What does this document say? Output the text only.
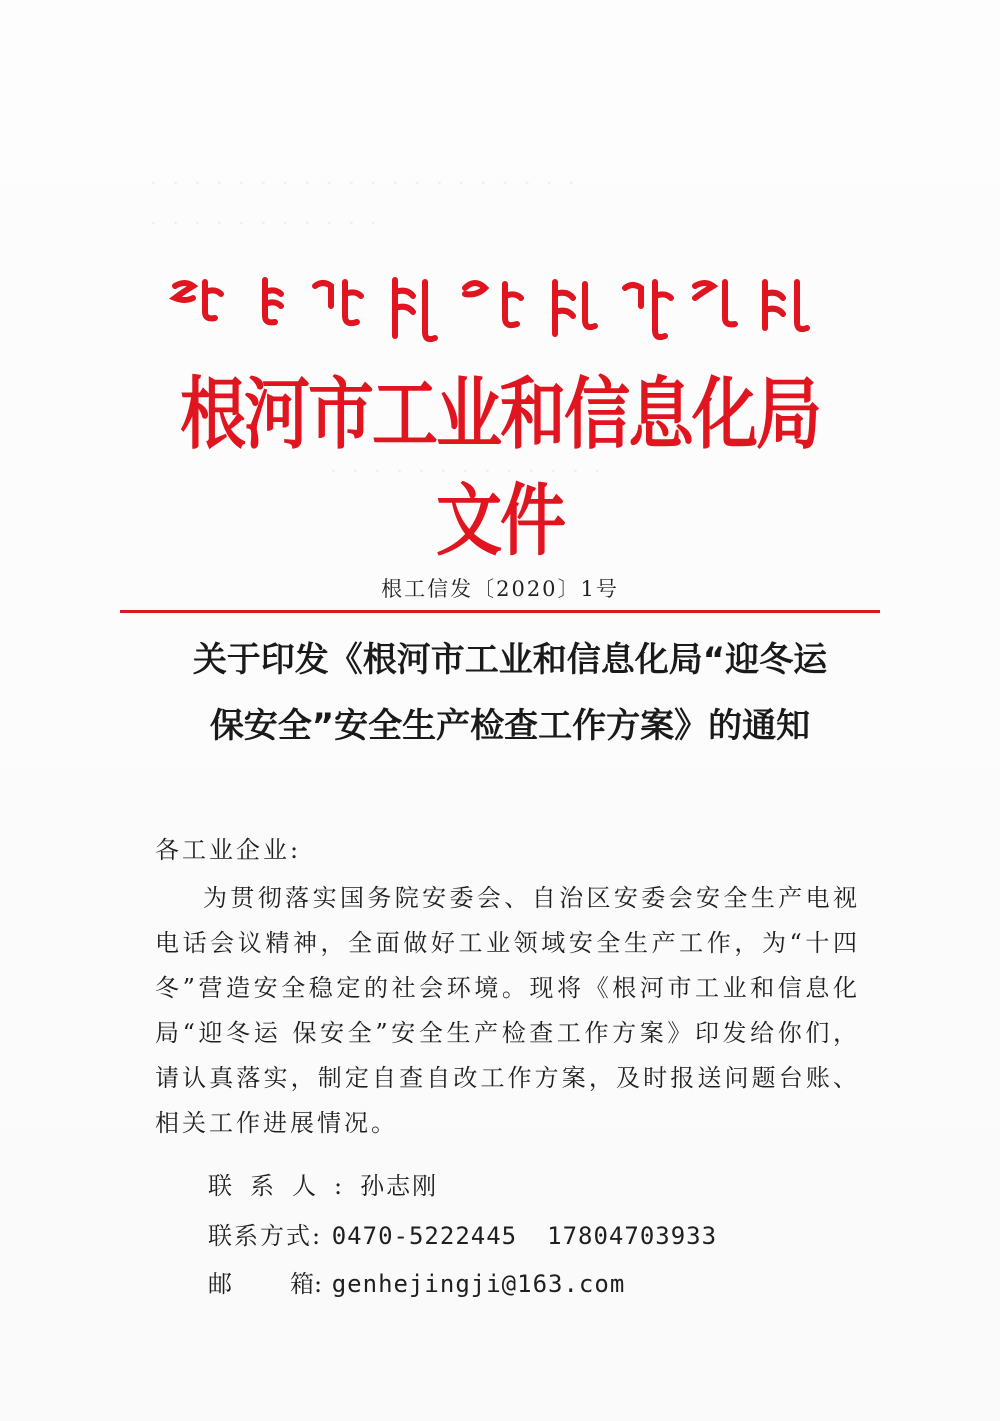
· · · · · · · · · · · · · · · · · · · ·
· · · · · · · · · · ·
· · · · · · · · · · · · ·
根河市工业和信息化局文件
根工信发〔2020〕1号
关于印发《根河市工业和信息化局“迎冬运
保安全”安全生产检查工作方案》的通知
各工业企业:
为贯彻落实国务院安委会、自治区安委会安全生产电视电话会议精神，全面做好工业领域安全生产工作，为“十四冬”营造安全稳定的社会环境。现将《根河市工业和信息化局“迎冬运 保安全”安全生产检查工作方案》印发给你们，请认真落实，制定自查自改工作方案，及时报送问题台账、相关工作进展情况。
联系人:孙志刚
联系方式: 0470-5222445 17804703933
邮 箱: genhejingji@163.com
